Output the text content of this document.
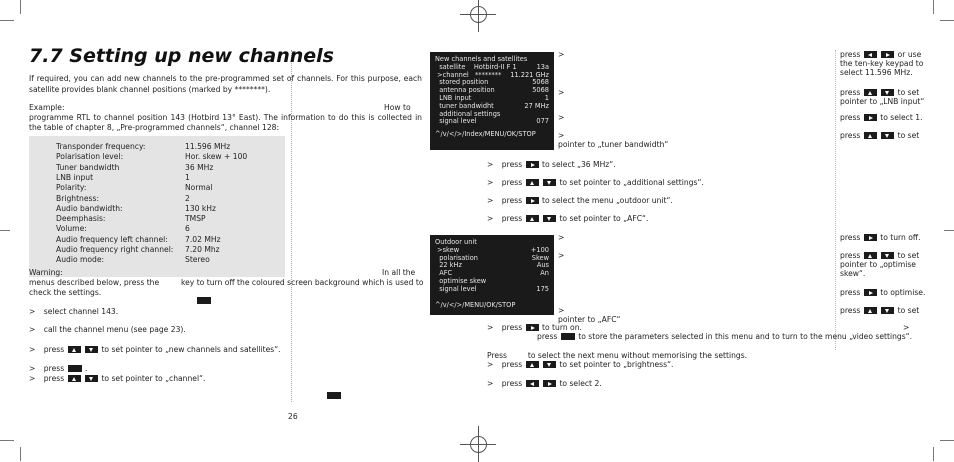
7.7 Setting up new channels
If required, you can add new channels to the pre-programmed set of channels. For this purpose, each satellite provides blank channel positions (marked by ********).
Example:	How to
programme RTL to channel position 143 (Hotbird 13° East). The information to do this is collected in the table of chapter 8, „Pre-programmed channels“, channel 128:
Transponder frequency:	11.596 MHz
Polarisation level:	Hor. skew + 100
Tuner bandwidth	36 MHz
LNB input	1
Polarity:	Normal
Brightness:	2
Audio bandwidth:	130 kHz
Deemphasis:	TMSP
Volume:	6
Audio frequency left channel:	7.02 MHz
Audio frequency right channel:	7.20 Mhz
Audio mode:	Stereo
Warning:	In all the
menus described below, press the	key to turn off the coloured screen background which is used to
check the settings.
> select channel 143.
> call the channel menu (see page 23).
> press	to set pointer to „new channels and satellites“.
> press	.
> press	to set pointer to „channel“.
26
New channels and satellites
satellite    Hotbird-II F 1	13a
>channel   ********	11.221 GHz
stored position	5068
antenna position	5068
LNB input	1
tuner bandwidht	27 MHz
additional settings
signal level	077
^/v/</>/Index/MENU/OK/STOP
Outdoor unit
>skew	+100
polarisation	Skew
22 kHz	Aus
AFC	An
optimise skew
signal level	175
^/v/</>/MENU/OK/STOP
>
>
>
>
>
>
>
>
press	or use
the ten-key keypad to
select 11.596 MHz.
press	to set
pointer to „LNB input“
press	to select 1.
press	to set
pointer to „tuner bandwidth“
> press	to select „36 MHz“.
> press	to set pointer to „additional settings“.
> press	to select the menu „outdoor unit“.
> press	to set pointer to „AFC“.
press	to turn off.
press	to set
pointer to „optimise
skew“.
press	to optimise.
press	to set
pointer to „AFC“
> press	to turn on.
press	to store the parameters selected in this menu and to turn to the menu „video settings“.
Press	to select the next menu without memorising the settings.
> press	to set pointer to „brightness“.
> press	to select 2.
